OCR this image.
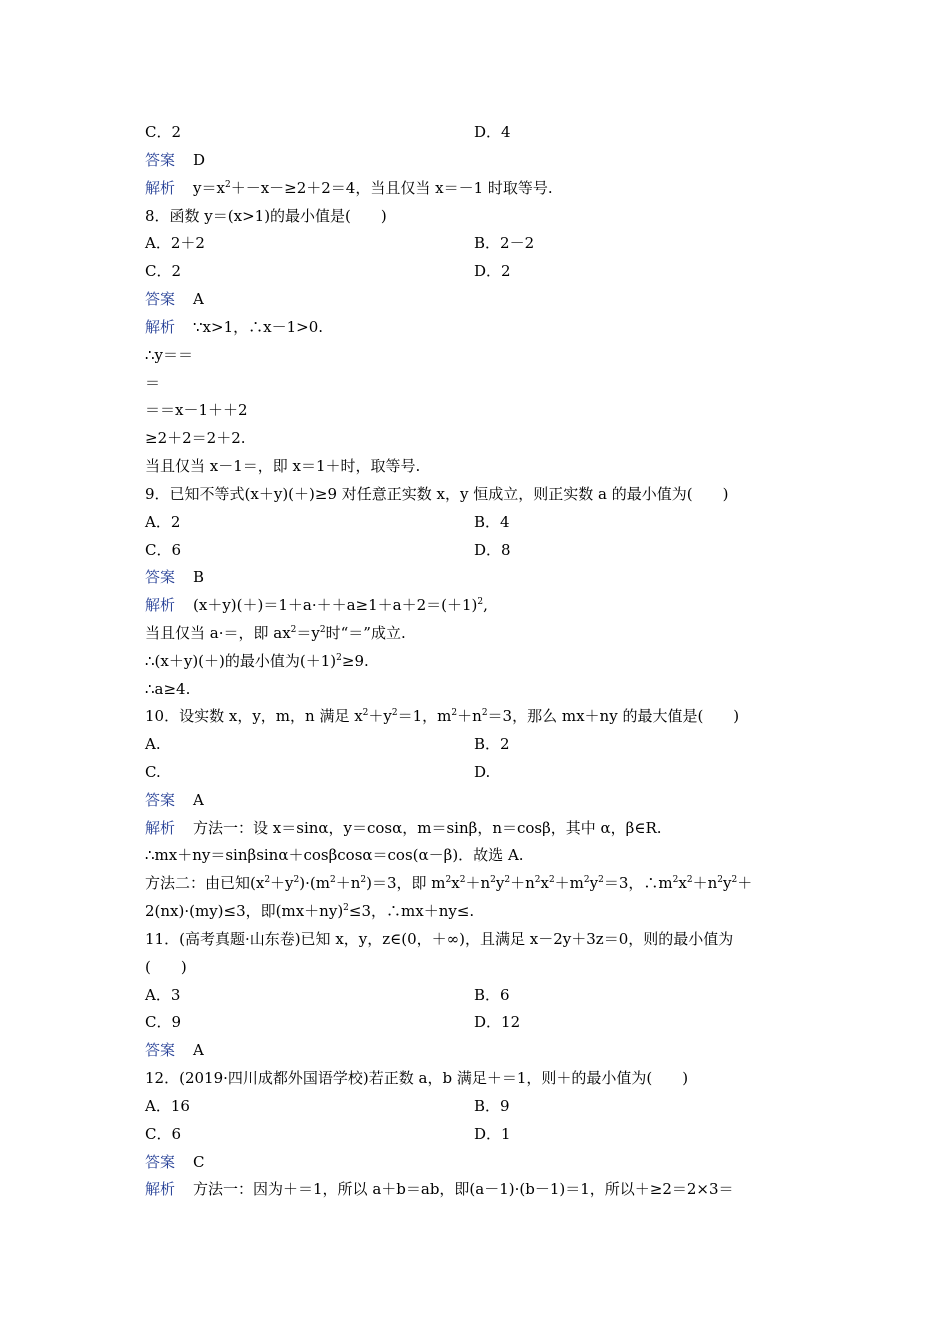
C．2	D．4
答案 D
解析 $y=x^2+-x-\ge 2+2=4$，当且仅当 x＝－1 时取等号.
8．函数 y＝(x>1)的最小值是(　　)
A．2＋2	B．2－2
C．2	D．2
答案 A
解析 ∵x>1，∴x－1>0.
∴y＝＝
＝
＝＝x－1＋＋2
≥2＋2＝2＋2.
当且仅当 x－1＝，即 x＝1＋时，取等号.
9．已知不等式(x＋y)(＋)≥9 对任意正实数 x，y 恒成立，则正实数 a 的最小值为(　　)
A．2	B．4
C．6	D．8
答案 B
解析 $(x+y)(+)=1+a\cdot++a\ge 1+a+2=(+1)^2$,
当且仅当 a·＝，即 $ax^2=y^2$时“＝”成立.
∴(x＋y)(＋)的最小值为$(+1)^2\ge 9$.
∴a≥4.
10．设实数 x，y，m，n 满足 $x^2+y^2=1$，$m^2+n^2=3$，那么 mx＋ny 的最大值是(　　)
A.	B．2
C.	D.
答案 A
解析 方法一：设 x＝sinα，y＝cosα，m＝sinβ，n＝cosβ，其中 α，β∈R.
∴mx＋ny＝sinβsinα＋cosβcosα＝cos(α－β)．故选 A.
方法二：由已知$(x^2+y^2)\cdot(m^2+n^2)=3$，即 $m^2x^2+n^2y^2+n^2x^2+m^2y^2=3$，$\therefore m^2x^2+n^2y^2+$
2(nx)·(my)≤3，即$(mx+ny)^2\le 3$，∴mx＋ny≤.
11．(高考真题·山东卷)已知 x，y，z∈(0，＋∞)，且满足 x－2y＋3z＝0，则的最小值为
(　　)
A．3	B．6
C．9	D．12
答案 A
12．(2019·四川成都外国语学校)若正数 a，b 满足＋＝1，则＋的最小值为(　　)
A．16	B．9
C．6	D．1
答案 C
解析 方法一：因为＋＝1，所以 a＋b＝ab，即(a－1)·(b－1)＝1，所以＋≥2＝2×3＝
